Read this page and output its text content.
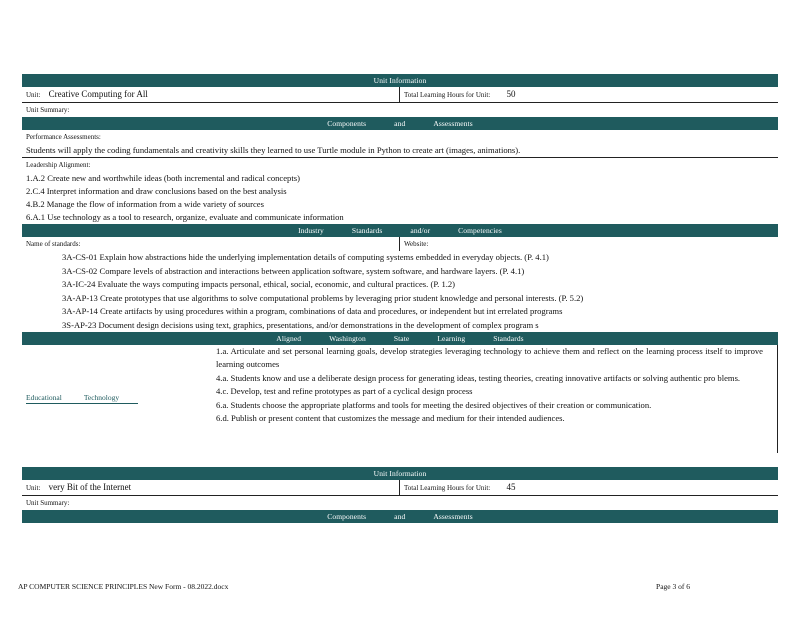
Unit Information
Unit: Creative Computing for All	Total Learning Hours for Unit: 50
Unit Summary:
Components	and	Assessments
Performance Assessments:
Students will apply the coding fundamentals and creativity skills they learned to use Turtle module in Python to create art (images, animations).
Leadership Alignment:
1.A.2 Create new and worthwhile ideas (both incremental and radical concepts)
2.C.4 Interpret information and draw conclusions based on the best analysis
4.B.2 Manage the flow of information from a wide variety of sources
6.A.1 Use technology as a tool to research, organize, evaluate and communicate information
Industry	Standards	and/or	Competencies
Name of standards:	Website:
3A-CS-01 Explain how abstractions hide the underlying implementation details of computing systems embedded in everyday objects. (P. 4.1)
3A-CS-02 Compare levels of abstraction and interactions between application software, system software, and hardware layers. (P. 4.1)
3A-IC-24 Evaluate the ways computing impacts personal, ethical, social, economic, and cultural practices. (P. 1.2)
3A-AP-13 Create prototypes that use algorithms to solve computational problems by leveraging prior student knowledge and personal interests. (P. 5.2)
3A-AP-14 Create artifacts by using procedures within a program, combinations of data and procedures, or independent but int errelated programs
3S-AP-23 Document design decisions using text, graphics, presentations, and/or demonstrations in the development of complex program s
Aligned	Washington	State	Learning	Standards
Educational	Technology

1.a. Articulate and set personal learning goals, develop strategies leveraging technology to achieve them and reflect on the learning process itself to improve learning outcomes

4.a. Students know and use a deliberate design process for generating ideas, testing theories, creating innovative artifacts or solving authentic pro blems.

4.c. Develop, test and refine prototypes as part of a cyclical design process

6.a. Students choose the appropriate platforms and tools for meeting the desired objectives of their creation or communication.

6.d. Publish or present content that customizes the message and medium for their intended audiences.

Unit Information
Unit: very Bit of the Internet	Total Learning Hours for Unit: 45
Unit Summary:
Components	and	Assessments
AP COMPUTER SCIENCE PRINCIPLES New Form - 08.2022.docx	Page 3 of 6
